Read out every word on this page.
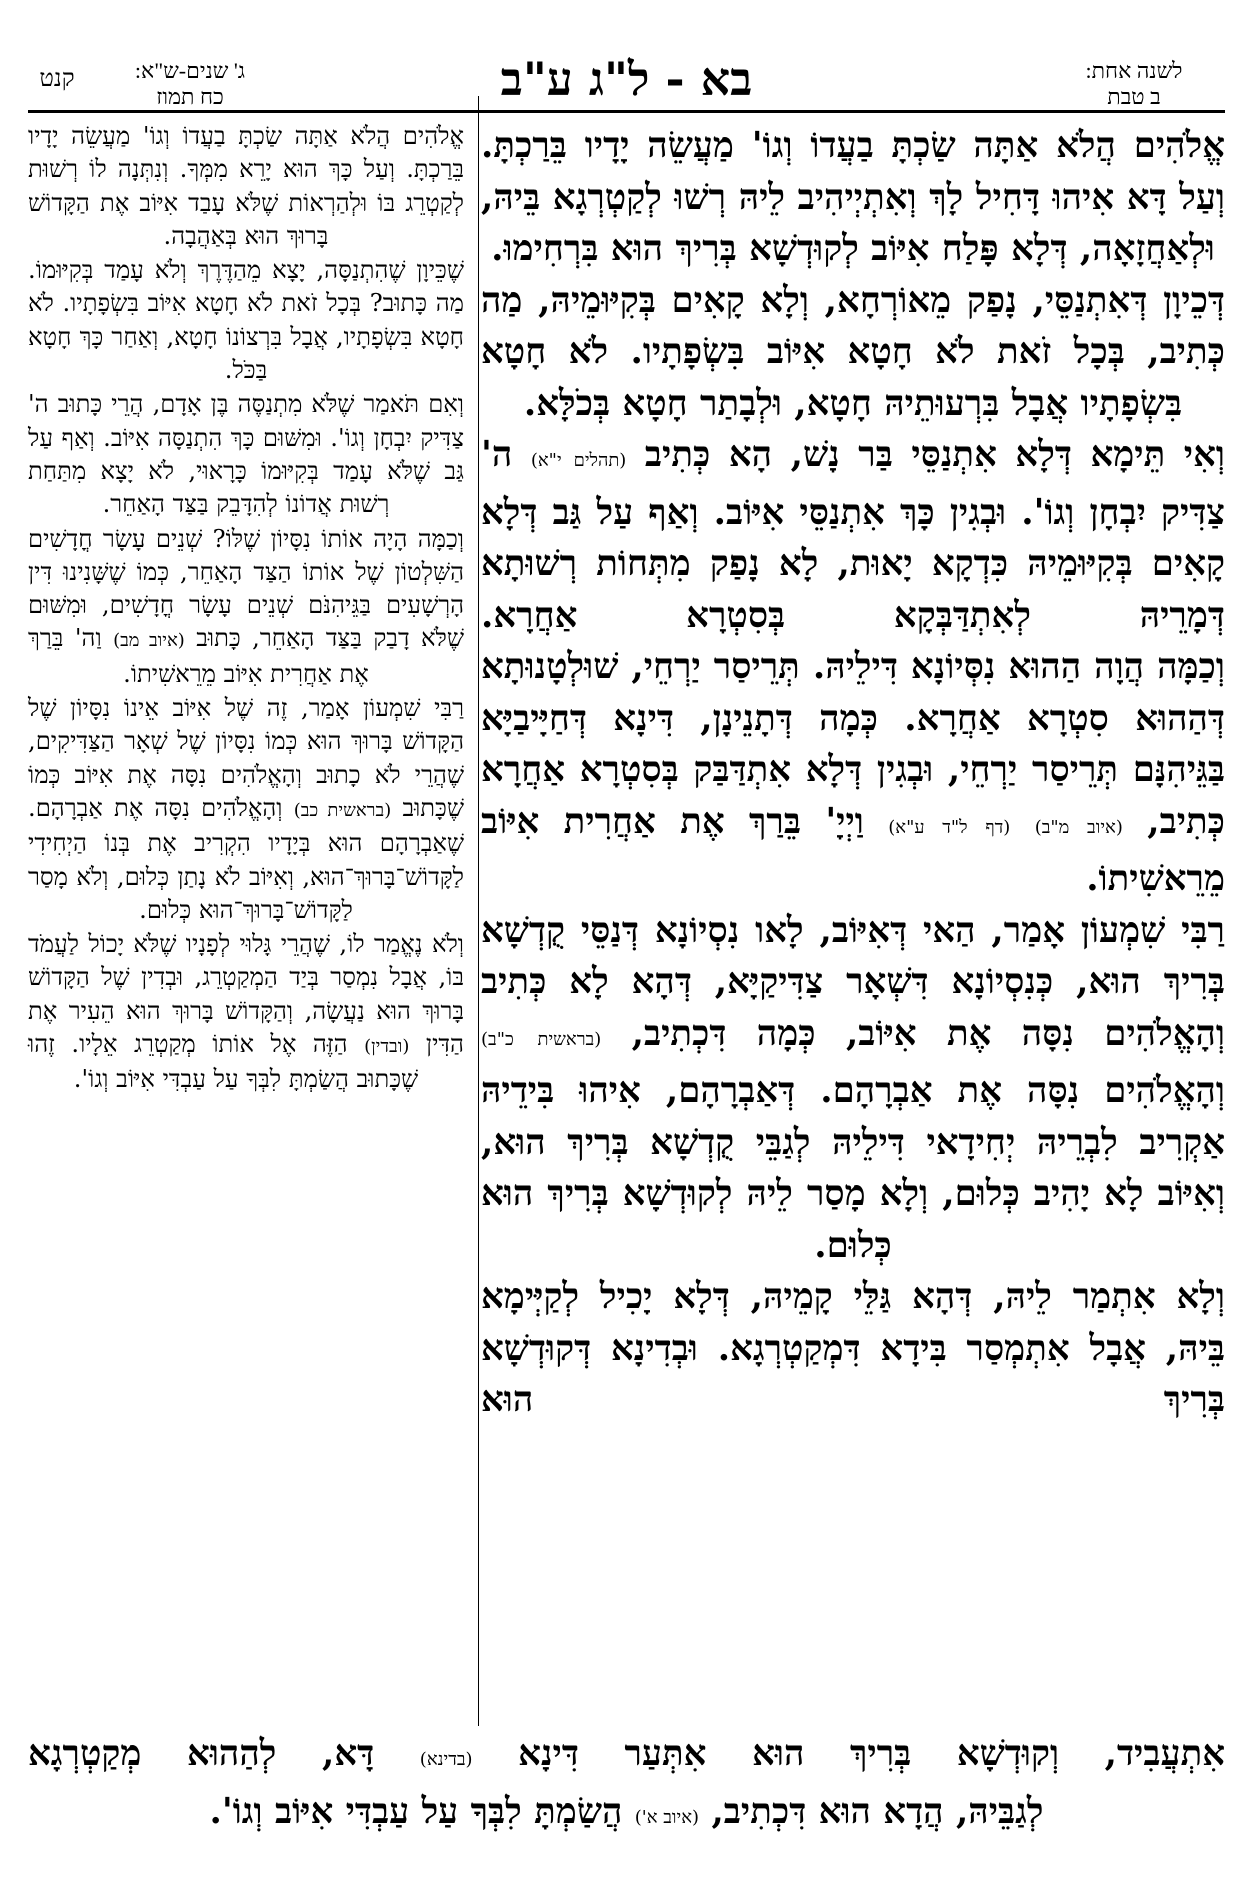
לשנה אחת:
ב טבת
בא - ל"ג ע"ב
ג' שנים-ש"א:
כח תמוז
קנט

אֱלֹהִים הֲלֹא אַתָּה שַׂכְתָּ בַעֲדוֹ וְגוֹ' מַעֲשֵׂה יָדָיו בֵּרַכְתָּ. וְעַל דָּא אִיהוּ דָּחִיל לָךְ וְאִתְיְיהִיב לֵיהּ רְשׁוּ לְקַטְרְגָא בֵּיהּ, וּלְאַחֲזָאָה, דְּלָא פָּלַח אִיּוֹב לְקוּדְשָׁא בְּרִיךְ הוּא בִּרְחִימוּ.

דְּכֵיוָן דְּאִתְנַסֵּי, נָפַק מֵאוֹרְחָא, וְלָא קָאִים בְּקִיּוּמֵיהּ, מַה כְּתִיב, בְּכָל זֹאת לֹא חָטָא אִיּוֹב בִּשְׂפָתָיו. לֹא חָטָא בִּשְׂפָתָיו אֲבָל בִּרְעוּתֵיהּ חָטָא, וּלְבָתַר חָטָא בְּכֹלָּא.

וְאִי תֵּימָא דְּלָא אִתְנַסֵּי בַּר נָשׁ, הָא כְּתִיב (תהלים י"א) ה' צַדִּיק יִבְחָן וְגוֹ'. וּבְגִין כָּךְ אִתְנַסֵּי אִיּוֹב. וְאַף עַל גַּב דְּלָא קָאִים בְּקִיּוּמֵיהּ כִּדְקָא יָאוּת, לָא נָפַק מִתְּחוֹת רְשׁוּתָא דְּמָרֵיהּ לְאִתְדַּבְּקָא בְּסִטְרָא אַחֲרָא.

וְכַמָּה הֲוָה הַהוּא נִסְּיוֹנָא דִּילֵיהּ. תְּרֵיסַר יַרְחֵי, שׁוּלְטָנוּתָא דְּהַהוּא סִטְרָא אַחֲרָא. כְּמָה דְּתָנֵינָן, דִּינָא דְּחַיָּיבַיָּא בַּגֵּיהִנָּם תְּרֵיסַר יַרְחֵי, וּבְגִין דְּלָא אִתְדַּבַּק בְּסִטְרָא אַחֲרָא כְּתִיב, (איוב מ"ב) (דף ל"ד ע"א) וַיְיָ' בֵּרַךְ אֶת אַחֲרִית אִיּוֹב מֵרֵאשִׁיתוֹ.

רַבִּי שִׁמְעוֹן אָמַר, הַאי דְּאִיּוֹב, לָאו נִסְיוֹנָא דְּנַסֵּי קֻדְשָׁא בְּרִיךְ הוּא, כְּנִסְיוֹנָא דִּשְׁאָר צַדִּיקַיָּא, דְּהָא לָא כְּתִיב וְהָאֱלֹהִים נִסָּה אֶת אִיּוֹב, כְּמָה דִּכְתִיב, (בראשית כ"ב) וְהָאֱלֹהִים נִסָּה אֶת אַבְרָהָם. דְּאַבְרָהָם, אִיהוּ בִּידֵיהּ אַקְרִיב לִבְרֵיהּ יְחִידָאי דִּילֵיהּ לְגַבֵּי קֻדְשָׁא בְּרִיךְ הוּא, וְאִיּוֹב לָא יָהִיב כְּלוּם, וְלָא מָסַר לֵיהּ לְקוּדְשָׁא בְּרִיךְ הוּא כְּלוּם.

וְלָא אִתְמַר לֵיהּ, דְּהָא גַּלֵּי קָמֵיהּ, דְּלָא יָכִיל לְקַיְּימָא בֵּיהּ, אֲבָל אִתְמְסַר בִּידָא דִּמְקַטְרְגָא. וּבְדִינָא דְּקוּדְשָׁא בְּרִיךְ הוּא

אֱלֹהִים הֲלֹא אַתָּה שַׂכְתָּ בַעֲדוֹ וְגוֹ' מַעֲשֵׂה יָדָיו בֵּרַכְתָּ. וְעַל כָּךְ הוּא יָרֵא מִמְּךָ. וְנִתְּנָה לוֹ רְשׁוּת לְקַטְרֵג בּוֹ וּלְהַרְאוֹת שֶׁלֹּא עָבַד אִיּוֹב אֶת הַקָּדוֹשׁ בָּרוּךְ הוּא בְּאַהֲבָה.

שֶׁכֵּיוָן שֶׁהִתְנַסָּה, יָצָא מֵהַדֶּרֶךְ וְלֹא עָמַד בְּקִיּוּמוֹ. מַה כָּתוּב? בְּכָל זֹאת לֹא חָטָא אִיּוֹב בִּשְׂפָתָיו. לֹא חָטָא בִּשְׂפָתָיו, אֲבָל בִּרְצוֹנוֹ חָטָא, וְאַחַר כָּךְ חָטָא בַּכֹּל.

וְאִם תֹּאמַר שֶׁלֹּא מִתְנַסֶּה בֶּן אָדָם, הֲרֵי כָּתוּב ה' צַדִּיק יִבְחָן וְגוֹ'. וּמִשּׁוּם כָּךְ הִתְנַסָּה אִיּוֹב. וְאַף עַל גַּב שֶׁלֹּא עָמַד בְּקִיּוּמוֹ כָּרָאוּי, לֹא יָצָא מִתַּחַת רְשׁוּת אֲדוֹנוֹ לְהִדָּבֵק בַּצַּד הָאַחֵר.

וְכַמָּה הָיָה אוֹתוֹ נִסָּיוֹן שֶׁלּוֹ? שְׁנֵים עָשָׂר חֳדָשִׁים הַשִּׁלְטוֹן שֶׁל אוֹתוֹ הַצַּד הָאַחֵר, כְּמוֹ שֶׁשָּׁנִינוּ דִּין הָרְשָׁעִים בַּגֵּיהִנֹּם שְׁנֵים עָשָׂר חֳדָשִׁים, וּמִשּׁוּם שֶׁלֹּא דָבַק בַּצַּד הָאַחֵר, כָּתוּב (איוב מב) וַה' בֵּרַךְ אֶת אַחֲרִית אִיּוֹב מֵרֵאשִׁיתוֹ.

רַבִּי שִׁמְעוֹן אָמַר, זֶה שֶׁל אִיּוֹב אֵינוֹ נִסָּיוֹן שֶׁל הַקָּדוֹשׁ בָּרוּךְ הוּא כְּמוֹ נִסָּיוֹן שֶׁל שְׁאָר הַצַּדִּיקִים, שֶׁהֲרֵי לֹא כָתוּב וְהָאֱלֹהִים נִסָּה אֶת אִיּוֹב כְּמוֹ שֶׁכָּתוּב (בראשית כב) וְהָאֱלֹהִים נִסָּה אֶת אַבְרָהָם. שֶׁאַבְרָהָם הוּא בְּיָדָיו הִקְרִיב אֶת בְּנוֹ הַיְחִידִי לַקָּדוֹשׁ־בָּרוּךְ־הוּא, וְאִיּוֹב לֹא נָתַן כְּלוּם, וְלֹא מָסַר לַקָּדוֹשׁ־בָּרוּךְ־הוּא כְּלוּם.

וְלֹא נֶאֱמַר לוֹ, שֶׁהֲרֵי גָּלוּי לְפָנָיו שֶׁלֹּא יָכוֹל לַעֲמֹד בּוֹ, אֲבָל נִמְסַר בְּיַד הַמְקַטְרֵג, וּבְדִין שֶׁל הַקָּדוֹשׁ בָּרוּךְ הוּא נַעֲשָׂה, וְהַקָּדוֹשׁ בָּרוּךְ הוּא הֵעִיר אֶת הַדִּין (ובדין) הַזֶּה אֶל אוֹתוֹ מְקַטְרֵג אֵלָיו. זֶהוּ שֶׁכָּתוּב הֲשַׂמְתָּ לִבְּךָ עַל עַבְדִּי אִיּוֹב וְגוֹ'.

אִתְעֲבִיד, וְקוּדְשָׁא בְּרִיךְ הוּא אִתְּעַר דִּינָא (בדינא) דָּא, לְהַהוּא מְקַטְרְגָא

לְגַבֵּיהּ, הֲדָא הוּא דִּכְתִיב, (איוב א') הֲשַׂמְתָּ לִבְּךָ עַל עַבְדִּי אִיּוֹב וְגוֹ'.
